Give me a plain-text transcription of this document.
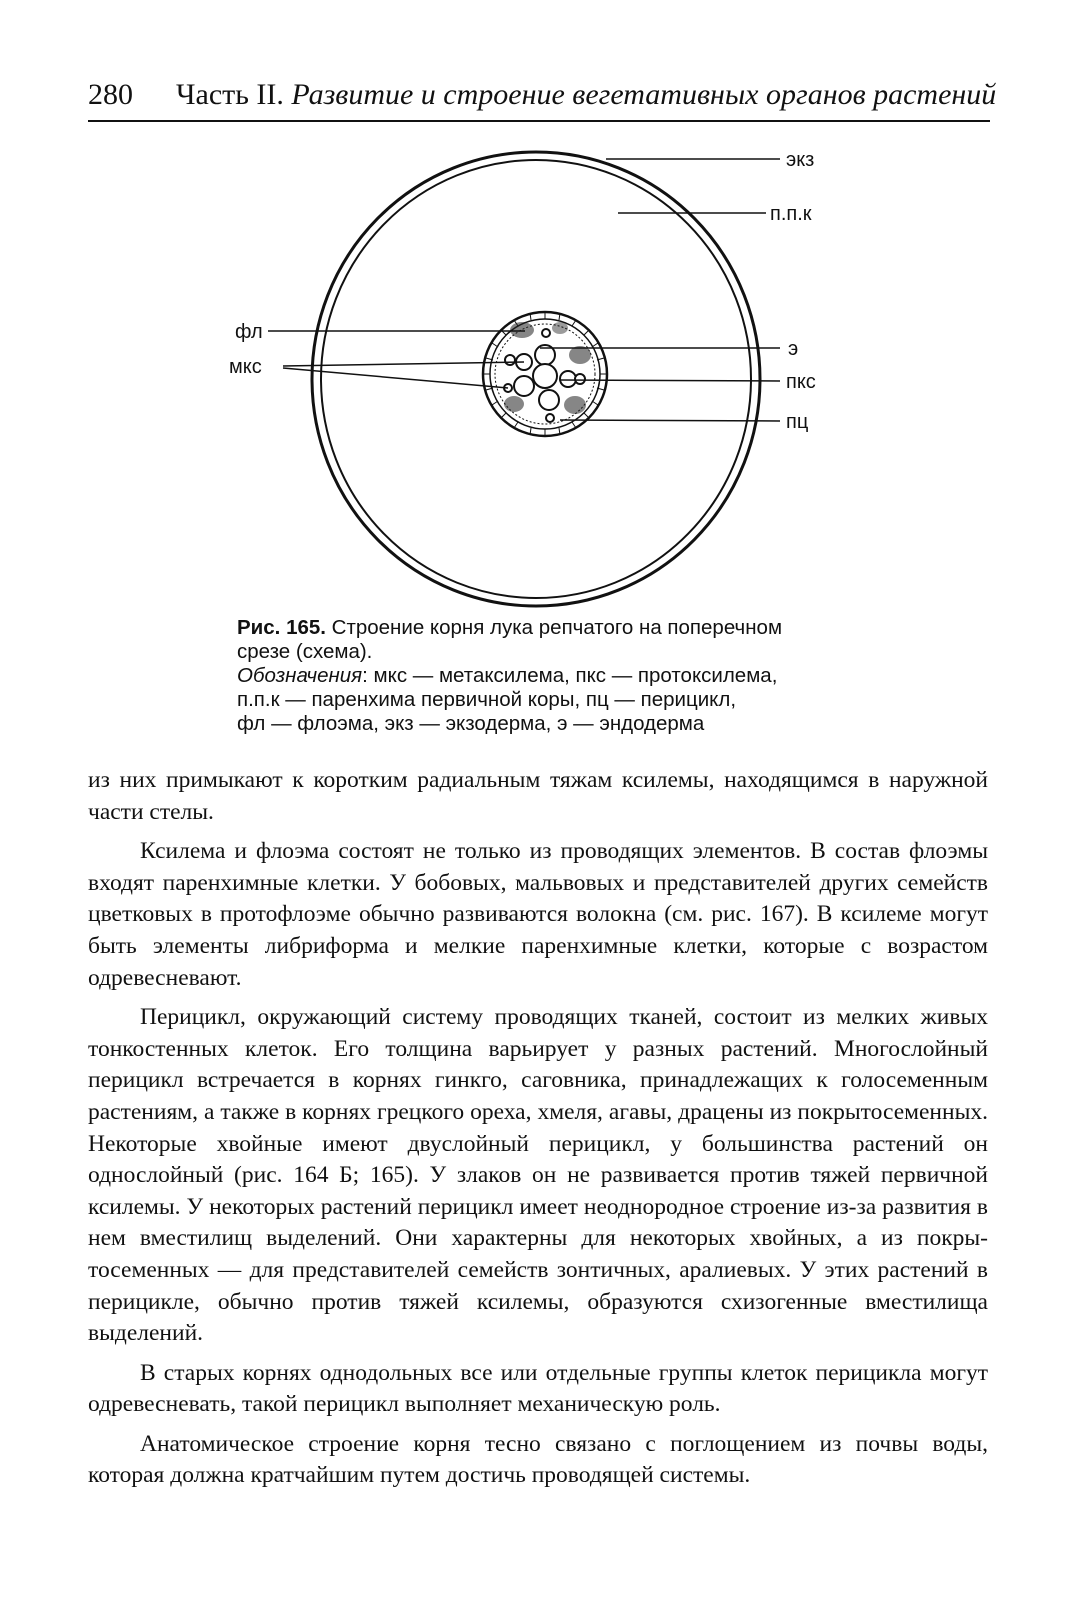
280 Часть II. Развитие и строение вегетативных органов растений
экз
п.п.к
фл
мкс
э
пкс
пц

Рис. 165. Строение корня лука репчатого на поперечном

срезе (схема).

Обозначения: мкс — метаксилема, пкс — протоксилема,

п.п.к — паренхима первичной коры, пц — перицикл,

фл — флоэма, экз — экзодерма, э — эндодерма

из них примыкают к коротким радиальным тяжам ксилемы, находящимся в наружной части стелы.

Ксилема и флоэма состоят не только из проводящих элементов. В состав флоэмы входят паренхимные клетки. У бобовых, мальвовых и представителей других семейств цветковых в протофлоэме обычно развиваются волокна (см. рис. 167). В ксилеме могут быть элементы либриформа и мелкие паренхимные клетки, которые с возрастом одревесневают.

Перицикл, окружающий систему проводящих тканей, состоит из мелких живых тонкостенных клеток. Его толщина варьирует у разных растений. Многослойный перицикл встречается в корнях гинкго, саговника, принадлежащих к голосеменным растениям, а также в корнях грецкого ореха, хмеля, агавы, драцены из покрытосеменных. Некоторые хвойные имеют двуслойный перицикл, у большинства растений он однослойный (рис. 164 Б; 165). У злаков он не развивается против тяжей первичной ксилемы. У некоторых растений перицикл имеет неоднородное строение из-за развития в нем вместилищ выделений. Они характерны для некоторых хвойных, а из покрытосеменных — для представителей семейств зонтичных, аралиевых. У этих растений в перицикле, обычно против тяжей ксилемы, образуются схизогенные вместилища выделений.

В старых корнях однодольных все или отдельные группы клеток перицикла могут одревесневать, такой перицикл выполняет механическую роль.

Анатомическое строение корня тесно связано с поглощением из почвы воды, которая должна кратчайшим путем достичь проводящей системы.
